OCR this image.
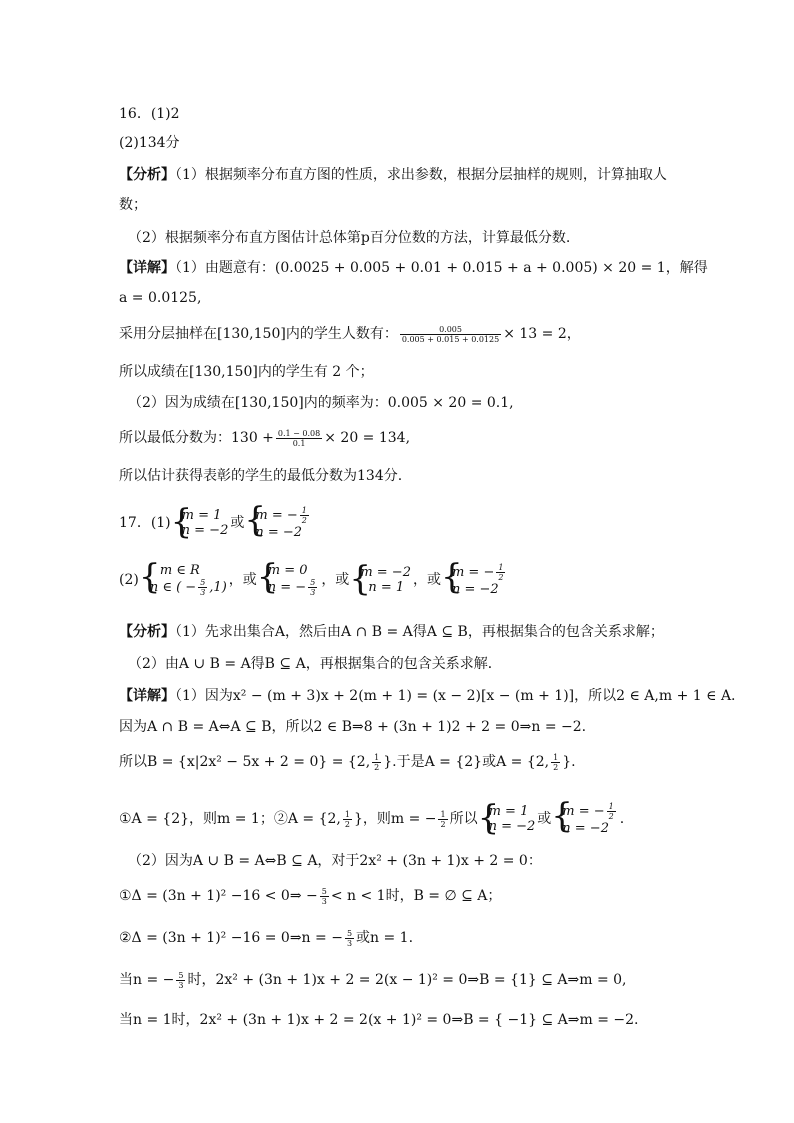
16．(1)2
(2)134分
【分析】（1）根据频率分布直方图的性质，求出参数，根据分层抽样的规则，计算抽取人
数；
（2）根据频率分布直方图估计总体第p百分位数的方法，计算最低分数.
【详解】（1）由题意有：(0.0025 + 0.005 + 0.01 + 0.015 + a + 0.005) × 20 = 1，解得
a = 0.0125,
采用分层抽样在[130,150]内的学生人数有： $\frac{0.005}{0.005 + 0.015 + 0.0125} \times 13 = 2$，
所以成绩在[130,150]内的学生有 2 个；
（2）因为成绩在[130,150]内的频率为：0.005 × 20 = 0.1,
所以最低分数为：$130 + \frac{0.1 - 0.08}{0.1} \times 20 = 134$,
所以估计获得表彰的学生的最低分数为134分.
17．(1) { m = 1
n = −2 或 { m = − $\frac{1}{2}$
n = −2
(2)
{ m ∈ R
n ∈ ( − $\frac{5}{3} ,1$) ，或
{ m = 0
n = − $\frac{5}{3}$ ，或 { m = −2
n = 1 ，或 { m = − $\frac{1}{2}$
n = −2
【分析】（1）先求出集合A，然后由A ∩ B = A得A ⊆ B，再根据集合的包含关系求解；
（2）由A ∪ B = A得B ⊆ A，再根据集合的包含关系求解．
【详解】（1）因为x² − (m + 3)x + 2(m + 1) = (x − 2)[x − (m + 1)]，所以2 ∈ A,m + 1 ∈ A.
因为A ∩ B = A⇔A ⊆ B，所以2 ∈ B⇒8 + (3n + 1)2 + 2 = 0⇒n = −2.
所以B = {x|2x² − 5x + 2 = 0} = {2, $\frac{1}{2}$ }.于是A = {2}或A = {2, $\frac{1}{2}$ }.
①A = {2}，则m = 1；②A = {2, $\frac{1}{2}$ }，则m = − $\frac{1}{2}$ 所以 { m = 1
n = −2 或 { m = − $\frac{1}{2}$
n = −2
.
（2）因为A ∪ B = A⇔B ⊆ A，对于2x² + (3n + 1)x + 2 = 0：
①Δ = (3n + 1)² −16 < 0⇒ − $\frac{5}{3} < n < 1$时，B = ∅ ⊆ A；
②Δ = (3n + 1)² −16 = 0⇒n = − $\frac{5}{3}$ 或n = 1.
当n = − $\frac{5}{3}$ 时，2x² + (3n + 1)x + 2 = 2(x − 1)² = 0⇒B = {1} ⊆ A⇒m = 0,
当n = 1时，2x² + (3n + 1)x + 2 = 2(x + 1)² = 0⇒B = { −1} ⊆ A⇒m = −2.
